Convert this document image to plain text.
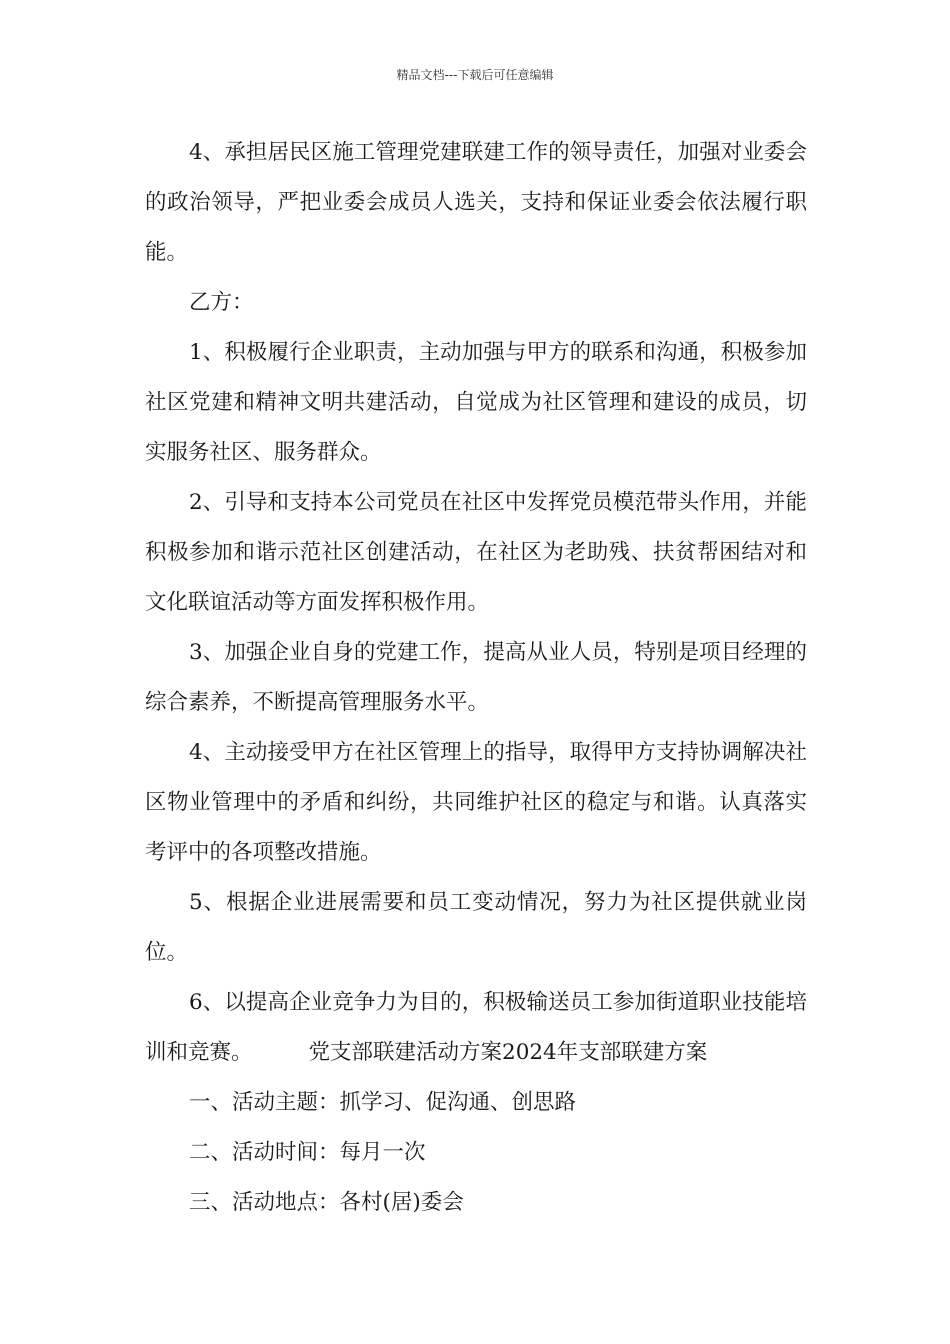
精品文档---下载后可任意编辑

4、承担居民区施工管理党建联建工作的领导责任，加强对业委会的政治领导，严把业委会成员人选关，支持和保证业委会依法履行职能。

乙方：

1、积极履行企业职责，主动加强与甲方的联系和沟通，积极参加社区党建和精神文明共建活动，自觉成为社区管理和建设的成员，切实服务社区、服务群众。

2、引导和支持本公司党员在社区中发挥党员模范带头作用，并能积极参加和谐示范社区创建活动，在社区为老助残、扶贫帮困结对和文化联谊活动等方面发挥积极作用。

3、加强企业自身的党建工作，提高从业人员，特别是项目经理的综合素养，不断提高管理服务水平。

4、主动接受甲方在社区管理上的指导，取得甲方支持协调解决社区物业管理中的矛盾和纠纷，共同维护社区的稳定与和谐。认真落实考评中的各项整改措施。

5、根据企业进展需要和员工变动情况，努力为社区提供就业岗位。

6、以提高企业竞争力为目的，积极输送员工参加街道职业技能培训和竞赛。	党支部联建活动方案2024年支部联建方案

一、活动主题：抓学习、促沟通、创思路

二、活动时间：每月一次

三、活动地点：各村(居)委会
